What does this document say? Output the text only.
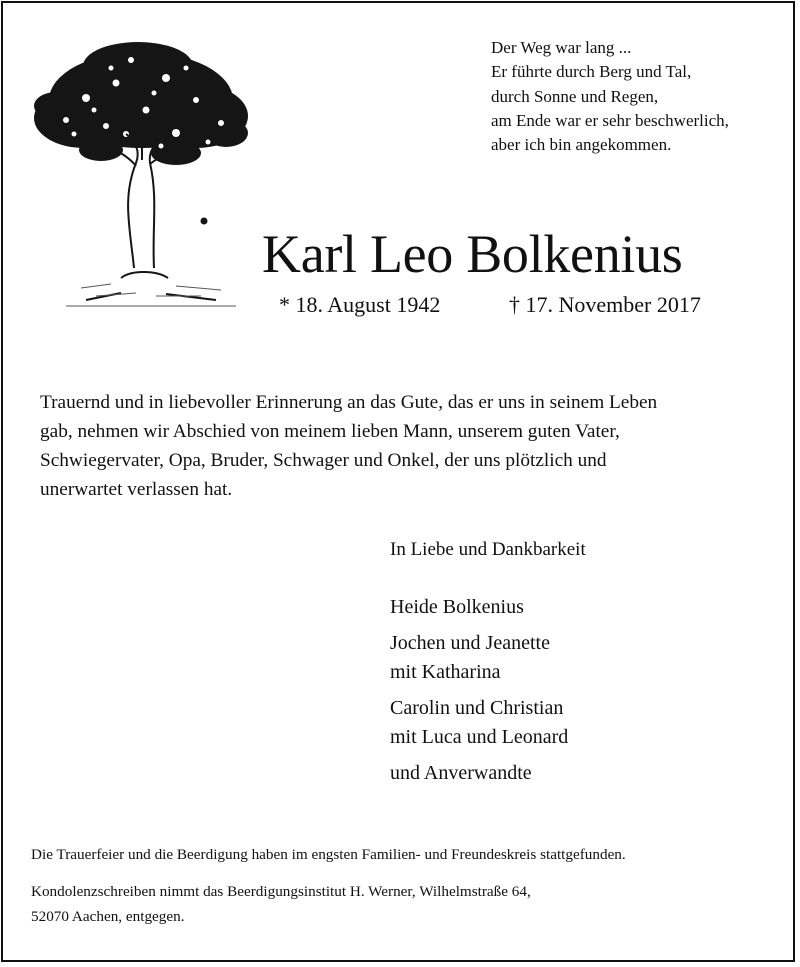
Der Weg war lang ...
Er führte durch Berg und Tal,
durch Sonne und Regen,
am Ende war er sehr beschwerlich,
aber ich bin angekommen.
Karl Leo Bolkenius
* 18. August 1942	† 17. November 2017
Trauernd und in liebevoller Erinnerung an das Gute, das er uns in seinem Leben
gab, nehmen wir Abschied von meinem lieben Mann, unserem guten Vater,
Schwiegervater, Opa, Bruder, Schwager und Onkel, der uns plötzlich und
unerwartet verlassen hat.
In Liebe und Dankbarkeit
Heide Bolkenius
Jochen und Jeanette
mit Katharina
Carolin und Christian
mit Luca und Leonard
und Anverwandte
Die Trauerfeier und die Beerdigung haben im engsten Familien- und Freundeskreis stattgefunden.
Kondolenzschreiben nimmt das Beerdigungsinstitut H. Werner, Wilhelmstraße 64,
52070 Aachen, entgegen.
